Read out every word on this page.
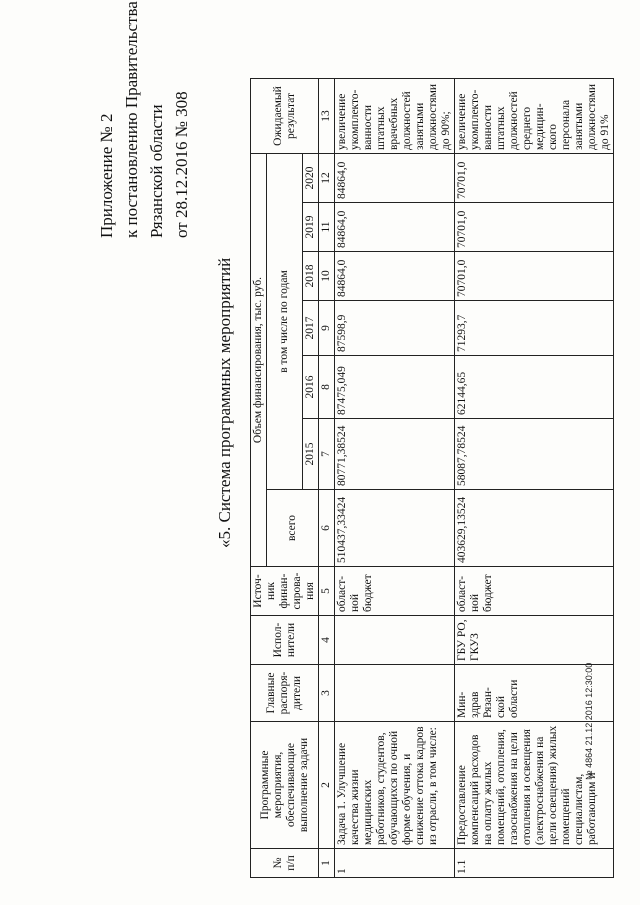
Приложение № 2 к постановлению Правительства Рязанской области от 28.12.2016 № 308
«5. Система программных мероприятий
№ п/п	Программные мероприятия, обеспечивающие выполнение задачи	Главные распоря-дители	Испол-нители	Источ-ник финан-сирова-ния	Объем финансирования, тыс. руб.							Ожидаемый результат
					всего	в том числе по годам						
						2015	2016	2017	2018	2019	2020	
1	2	3	4	5	6	7	8	9	10	11	12	13
1	Задача 1. Улучшение качества жизни медицинских работников, студентов, обучающихся по очной форме обучения, и снижение оттока кадров из отрасли, в том числе:			област-ной бюджет	510437,33424	80771,38524	87475,049	87598,9	84864,0	84864,0	84864,0	увеличение укомплекто-ванности штатных врачебных должностей занятыми должностями до 90%;
1.1	Предоставление компенсаций расходов на оплату жилых помещений, отопления, газоснабжения на цели отопления и освещения (электроснабжения на цели освещения) жилых помещений специалистам, работающим и	Мин-здрав Рязан-ской области	ГБУ РО, ГКУЗ	област-ной бюджет	403629,13524	58087,78524	62144,65	71293,7	70701,0	70701,0	70701,0	увеличение укомплекто-ванности штатных должностей среднего медицин-ского персонала занятыми должностями до 91%
№ 4864 21.12.2016 12:30:00
